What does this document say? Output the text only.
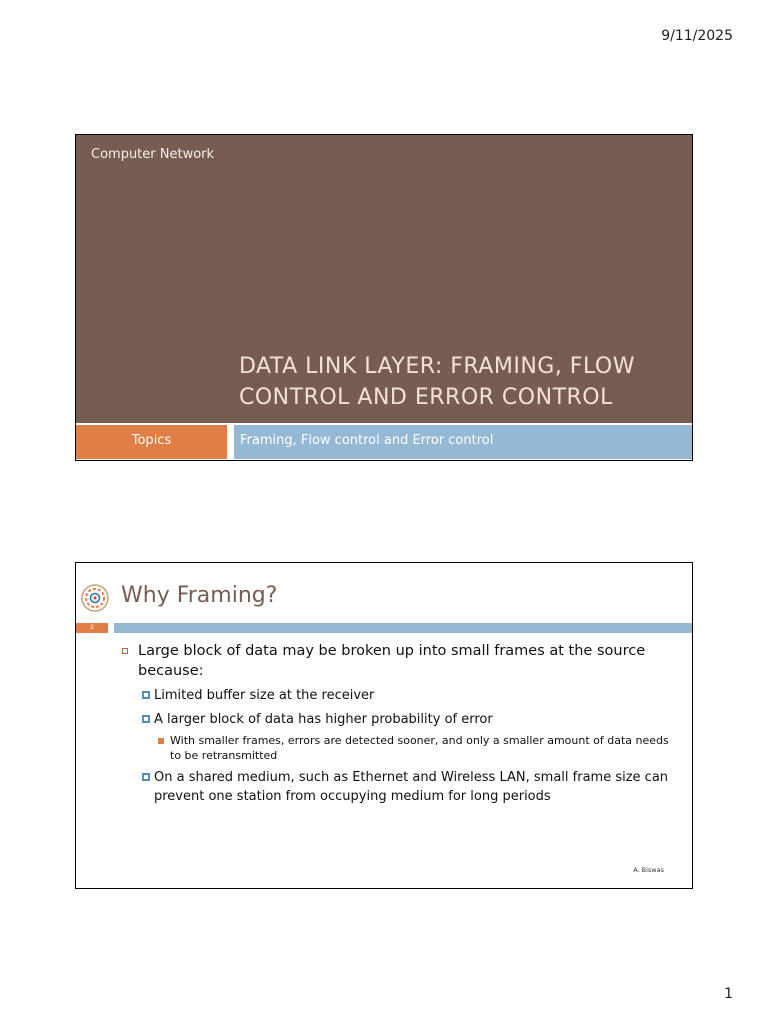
9/11/2025
Computer Network
DATA LINK LAYER: FRAMING, FLOW CONTROL AND ERROR CONTROL
Topics	Framing, Flow control and Error control
Why Framing?
2
Large block of data may be broken up into small frames at the source because:
Limited buffer size at the receiver
A larger block of data has higher probability of error
With smaller frames, errors are detected sooner, and only a smaller amount of data needs to be retransmitted
On a shared medium, such as Ethernet and Wireless LAN, small frame size can prevent one station from occupying medium for long periods
A. Biswas
1
